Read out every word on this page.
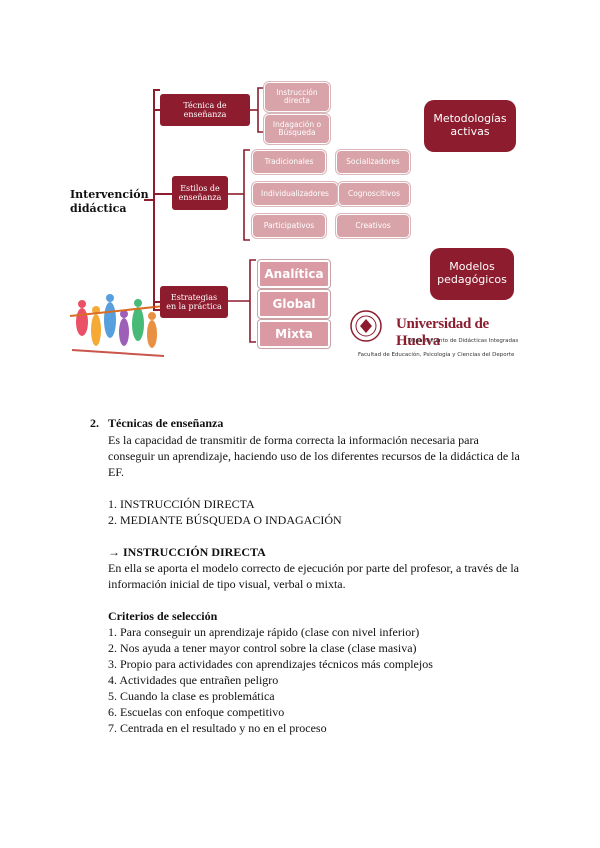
Intervención
didáctica
Técnica de
enseñanza
Estilos de
enseñanza
Estrategias
en la práctica
Instrucción
directa
Indagación o
Búsqueda
Tradicionales	Socializadores
Individualizadores	Cognoscitivos
Participativos	Creativos
Analítica
Global
Mixta
Metodologías
activas
Modelos
pedagógicos
Universidad de Huelva
Departamento de Didácticas Integradas
Facultad de Educación, Psicología y Ciencias del Deporte
2. Técnicas de enseñanza
Es la capacidad de transmitir de forma correcta la información necesaria para
conseguir un aprendizaje, haciendo uso de los diferentes recursos de la didáctica de la
EF.
1. INSTRUCCIÓN DIRECTA
2. MEDIANTE BÚSQUEDA O INDAGACIÓN
→ INSTRUCCIÓN DIRECTA
En ella se aporta el modelo correcto de ejecución por parte del profesor, a través de la
información inicial de tipo visual, verbal o mixta.
Criterios de selección
1. Para conseguir un aprendizaje rápido (clase con nivel inferior)
2. Nos ayuda a tener mayor control sobre la clase (clase masiva)
3. Propio para actividades con aprendizajes técnicos más complejos
4. Actividades que entrañen peligro
5. Cuando la clase es problemática
6. Escuelas con enfoque competitivo
7. Centrada en el resultado y no en el proceso
